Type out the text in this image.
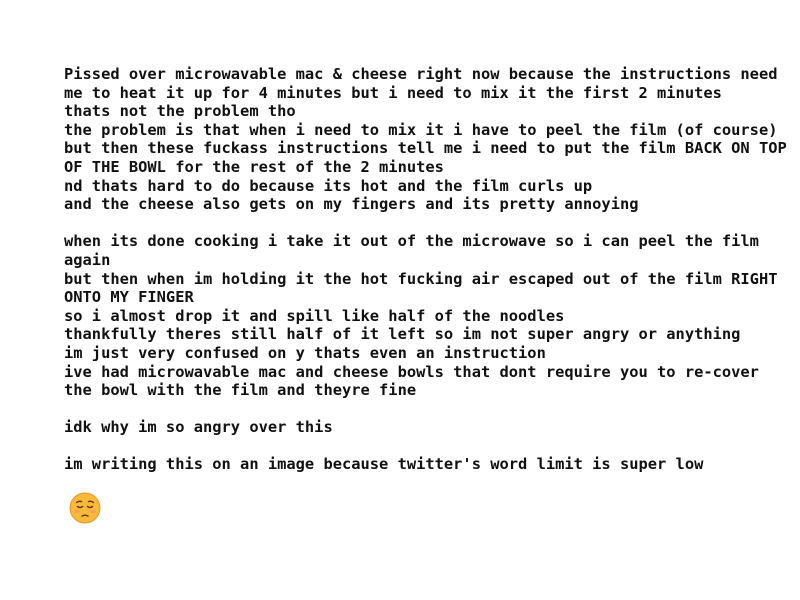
Pissed over microwavable mac & cheese right now because the instructions need
me to heat it up for 4 minutes but i need to mix it the first 2 minutes
thats not the problem tho
the problem is that when i need to mix it i have to peel the film (of course)
but then these fuckass instructions tell me i need to put the film BACK ON TOP
OF THE BOWL for the rest of the 2 minutes
nd thats hard to do because its hot and the film curls up
and the cheese also gets on my fingers and its pretty annoying
when its done cooking i take it out of the microwave so i can peel the film
again
but then when im holding it the hot fucking air escaped out of the film RIGHT
ONTO MY FINGER
so i almost drop it and spill like half of the noodles
thankfully theres still half of it left so im not super angry or anything
im just very confused on y thats even an instruction
ive had microwavable mac and cheese bowls that dont require you to re-cover
the bowl with the film and theyre fine
idk why im so angry over this
im writing this on an image because twitter's word limit is super low
